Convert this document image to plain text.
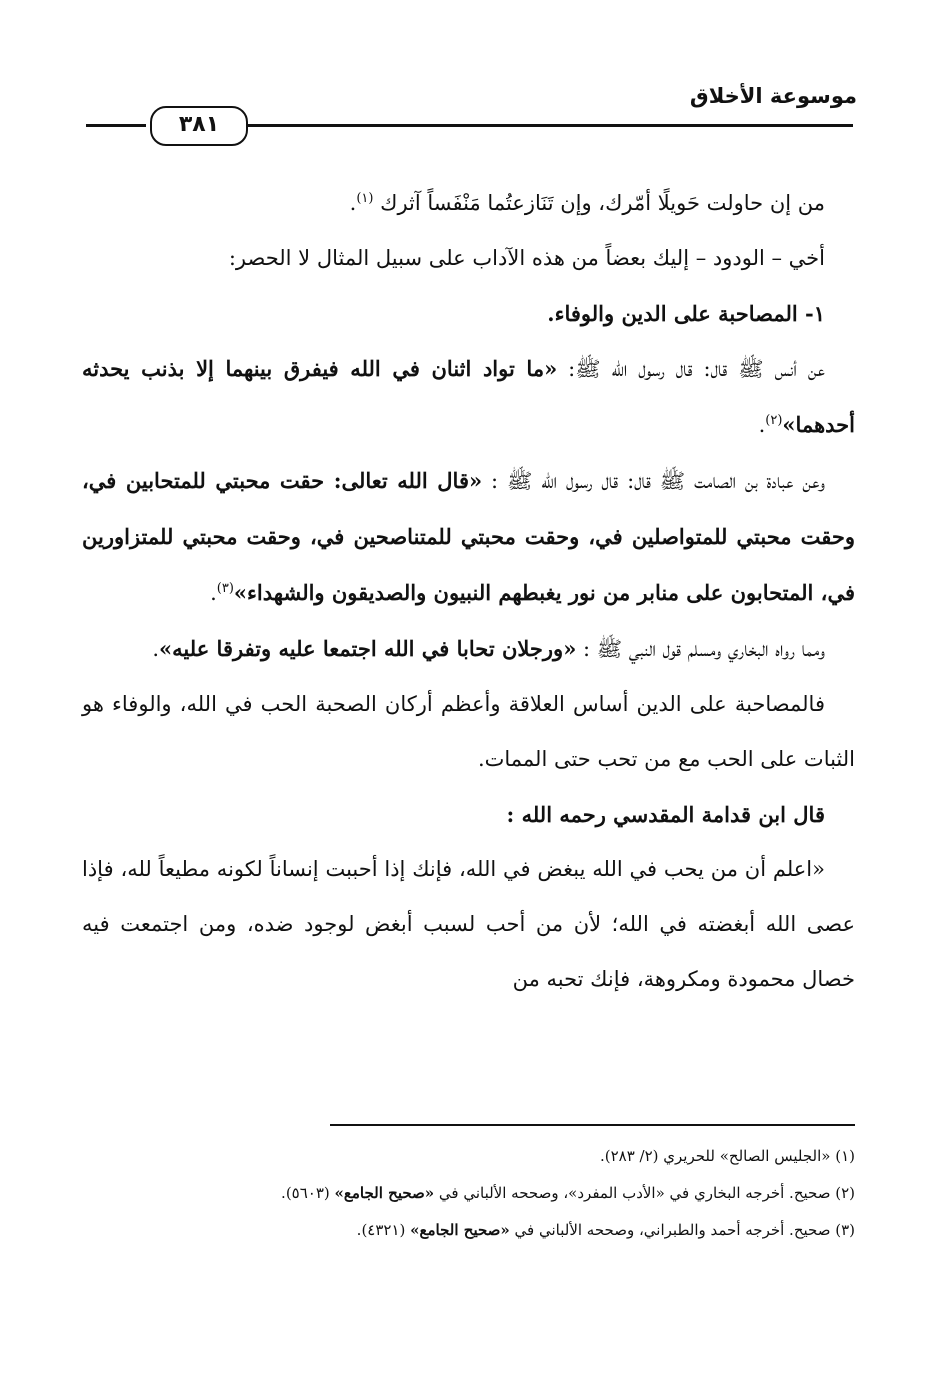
موسوعة الأخلاق
٣٨١

من إن حاولت حَويلًا أمّرك، وإن تَنَازعتُما مَنْفَساً آثرك $^{(١)}$.

أخي – الودود – إليك بعضاً من هذه الآداب على سبيل المثال لا الحصر:

١- المصاحبة على الدين والوفاء.

عن أنس ﷺ قال: قال رسول الله ﷺ: «ما تواد اثنان في الله فيفرق بينهما إلا بذنب يحدثه أحدهما»$^{(٢)}$.

وعن عبادة بن الصامت ﷺ قال: قال رسول الله ﷺ : «قال الله تعالى: حقت محبتي للمتحابين في، وحقت محبتي للمتواصلين في، وحقت محبتي للمتناصحين في، وحقت محبتي للمتزاورين في، المتحابون على منابر من نور يغبطهم النبيون والصديقون والشهداء»$^{(٣)}$.

ومما رواه البخاري ومسلم قول النبي ﷺ : «ورجلان تحابا في الله اجتمعا عليه وتفرقا عليه».

فالمصاحبة على الدين أساس العلاقة وأعظم أركان الصحبة الحب في الله، والوفاء هو الثبات على الحب مع من تحب حتى الممات.

قال ابن قدامة المقدسي رحمه الله :

«اعلم أن من يحب في الله يبغض في الله، فإنك إذا أحببت إنساناً لكونه مطيعاً لله، فإذا عصى الله أبغضته في الله؛ لأن من أحب لسبب أبغض لوجود ضده، ومن اجتمعت فيه خصال محمودة ومكروهة، فإنك تحبه من

(١) «الجليس الصالح» للحريري (٢/ ٢٨٣).

(٢) صحيح. أخرجه البخاري في «الأدب المفرد»، وصححه الألباني في «صحيح الجامع» (٥٦٠٣).

(٣) صحيح. أخرجه أحمد والطبراني، وصححه الألباني في «صحيح الجامع» (٤٣٢١).
